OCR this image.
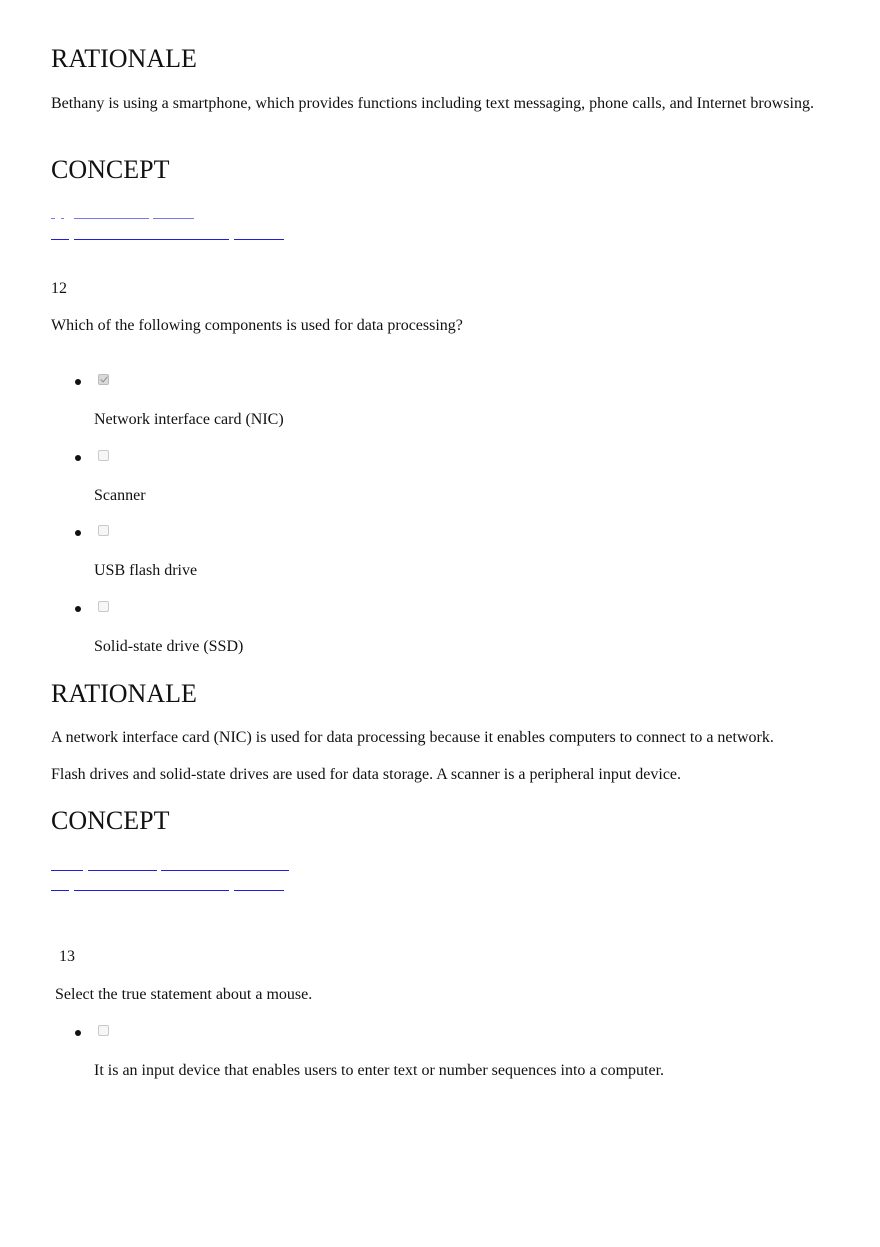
RATIONALE

Bethany is using a smartphone, which provides functions including text messaging, phone calls, and Internet browsing.

CONCEPT

12

Which of the following components is used for data processing?

Network interface card (NIC)

Scanner

USB flash drive

Solid-state drive (SSD)

RATIONALE

A network interface card (NIC) is used for data processing because it enables computers to connect to a network.

Flash drives and solid-state drives are used for data storage. A scanner is a peripheral input device.

CONCEPT

13

Select the true statement about a mouse.

It is an input device that enables users to enter text or number sequences into a computer.
